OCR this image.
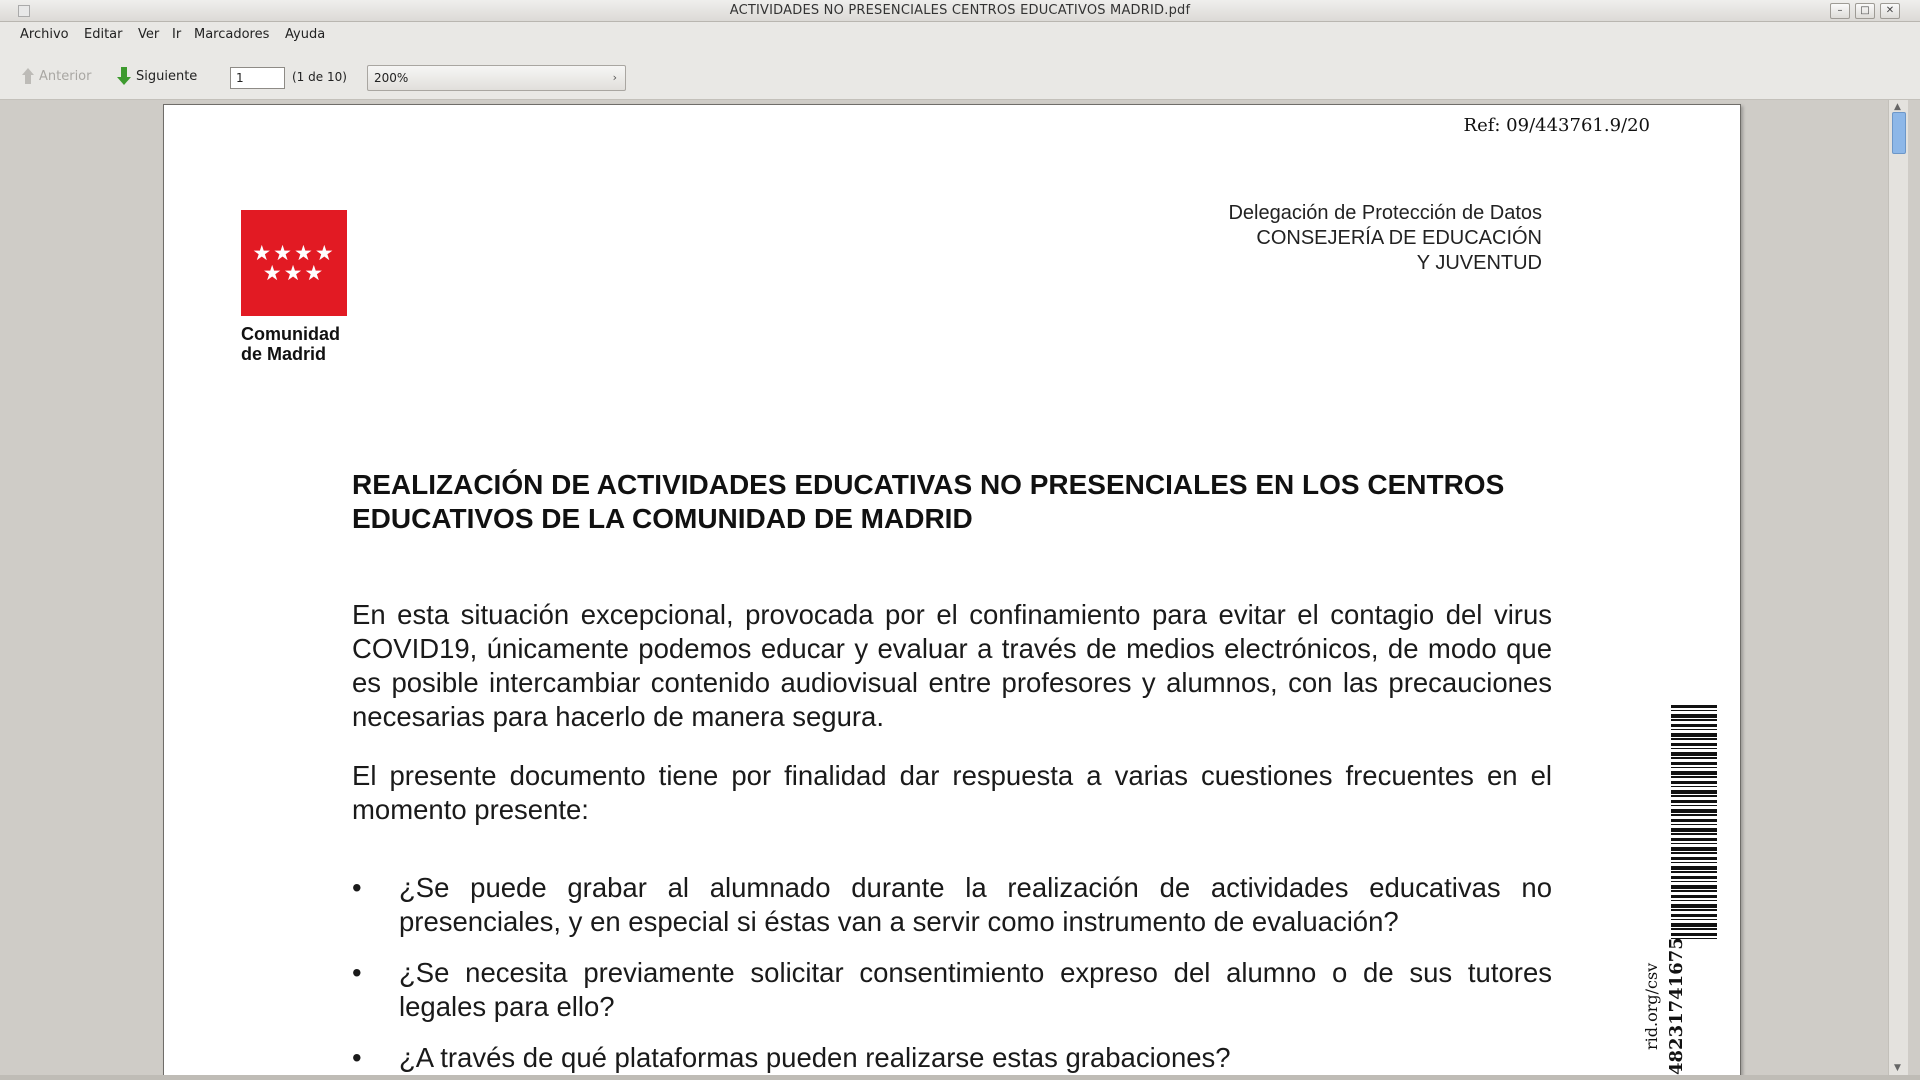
ACTIVIDADES NO PRESENCIALES CENTROS EDUCATIVOS MADRID.pdf	–	□	✕
Archivo Editar Ver Ir Marcadores Ayuda
Anterior	Siguiente
1	(1 de 10)	200%	›
Ref: 09/443761.9/20
★★★★
★★★
Comunidad
de Madrid
Delegación de Protección de Datos
CONSEJERÍA DE EDUCACIÓN
Y JUVENTUD
REALIZACIÓN DE ACTIVIDADES EDUCATIVAS NO PRESENCIALES EN LOS CENTROS EDUCATIVOS DE LA COMUNIDAD DE MADRID

En esta situación excepcional, provocada por el confinamiento para evitar el contagio del virus COVID19, únicamente podemos educar y evaluar a través de medios electrónicos, de modo que es posible intercambiar contenido audiovisual entre profesores y alumnos, con las precauciones necesarias para hacerlo de manera segura.

El presente documento tiene por finalidad dar respuesta a varias cuestiones frecuentes en el momento presente:

• ¿Se puede grabar al alumnado durante la realización de actividades educativas no presenciales, y en especial si éstas van a servir como instrumento de evaluación?
• ¿Se necesita previamente solicitar consentimiento expreso del alumno o de sus tutores legales para ello?
• ¿A través de qué plataformas pueden realizarse estas grabaciones?
rid.org/csv 48231741675
▲
▼
